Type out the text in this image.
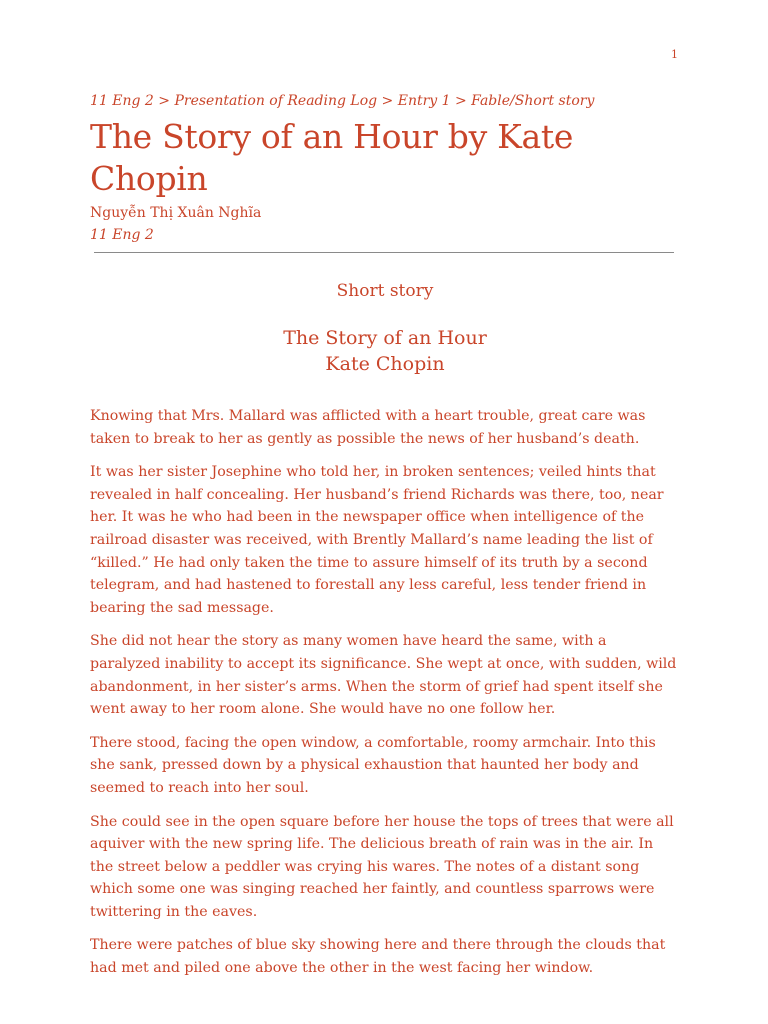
1

11 Eng 2 > Presentation of Reading Log > Entry 1 > Fable/Short story

The Story of an Hour by Kate Chopin

Nguyễn Thị Xuân Nghĩa

11 Eng 2

Short story

The Story of an Hour

Kate Chopin

Knowing that Mrs. Mallard was afflicted with a heart trouble, great care was taken to break to her as gently as possible the news of her husband’s death.

It was her sister Josephine who told her, in broken sentences; veiled hints that revealed in half concealing. Her husband’s friend Richards was there, too, near her. It was he who had been in the newspaper office when intelligence of the railroad disaster was received, with Brently Mallard’s name leading the list of “killed.” He had only taken the time to assure himself of its truth by a second telegram, and had hastened to forestall any less careful, less tender friend in bearing the sad message.

She did not hear the story as many women have heard the same, with a paralyzed inability to accept its significance. She wept at once, with sudden, wild abandonment, in her sister’s arms. When the storm of grief had spent itself she went away to her room alone. She would have no one follow her.

There stood, facing the open window, a comfortable, roomy armchair. Into this she sank, pressed down by a physical exhaustion that haunted her body and seemed to reach into her soul.

She could see in the open square before her house the tops of trees that were all aquiver with the new spring life. The delicious breath of rain was in the air. In the street below a peddler was crying his wares. The notes of a distant song which some one was singing reached her faintly, and countless sparrows were twittering in the eaves.

There were patches of blue sky showing here and there through the clouds that had met and piled one above the other in the west facing her window.
